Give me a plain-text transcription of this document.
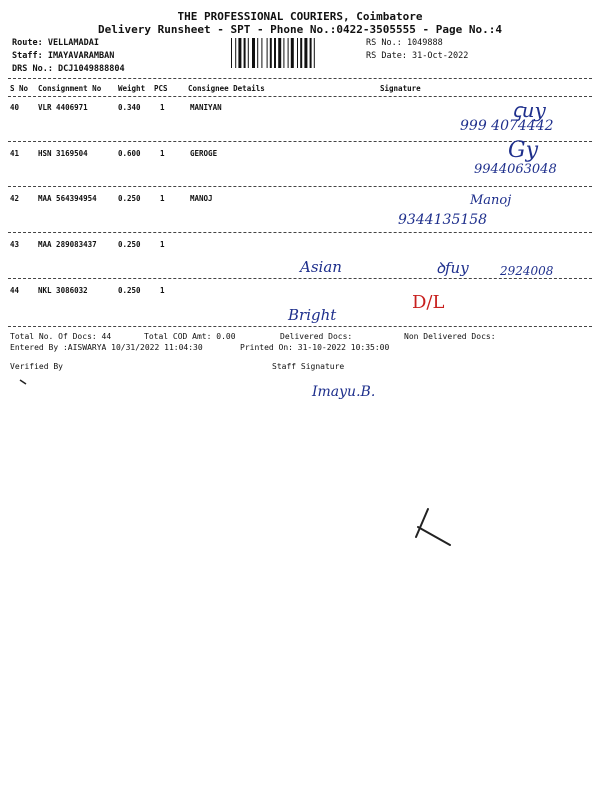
THE PROFESSIONAL COURIERS, Coimbatore
Delivery Runsheet - SPT - Phone No.:0422-3505555 - Page No.:4
Route: VELLAMADAI
Staff: IMAYAVARAMBAN
DRS No.: DCJ1049888804
RS No.: 1049888
RS Date: 31-Oct-2022
S No Consignment No Weight PCS	Consignee Details	Signature
40	VLR 4406971	0.340	1	MANIYAN	ꞔuy
999 4074442
41	HSN 3169504	0.600	1	GEROGE	Gy
9944063048
42	MAA 564394954	0.250	1	MANOJ	Manoj
9344135158
43	MAA 289083437	0.250	1
Asian	ꝺfuy	2924008
44	NKL 3086032	0.250	1
Bright
D/L
Total No. Of Docs: 44	Total COD Amt: 0.00	Delivered Docs:	Non Delivered Docs:
Entered By :AISWARYA 10/31/2022 11:04:30	Printed On: 31-10-2022 10:35:00
Verified By	Staff Signature
Imayu.B.
